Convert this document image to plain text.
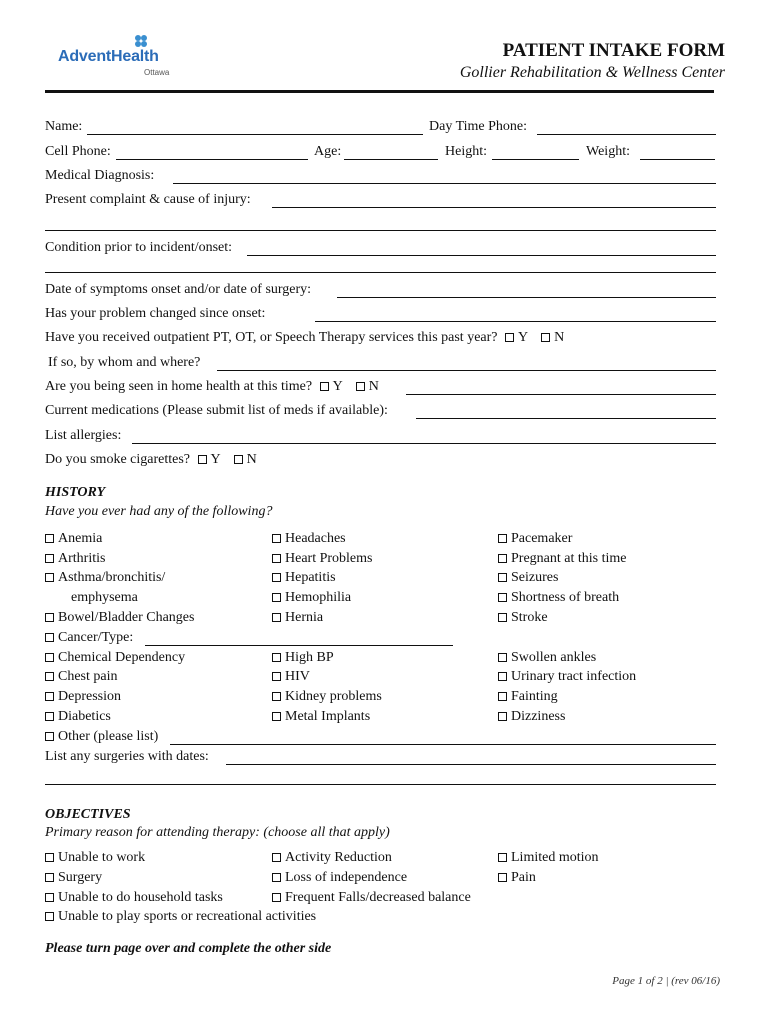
AdventHealth
Ottawa
PATIENT INTAKE FORM
Gollier Rehabilitation & Wellness Center
Name:	Day Time Phone:
Cell Phone:	Age:	Height:	Weight:
Medical Diagnosis:
Present complaint & cause of injury:
Condition prior to incident/onset:
Date of symptoms onset and/or date of surgery:
Has your problem changed since onset:
Have you received outpatient PT, OT, or Speech Therapy services this past year? Y N
If so, by whom and where?
Are you being seen in home health at this time? Y N
Current medications (Please submit list of meds if available):
List allergies:
Do you smoke cigarettes? Y N
HISTORY
Have you ever had any of the following?
Anemia
Arthritis
Asthma/bronchitis/
emphysema
Bowel/Bladder Changes
Cancer/Type:
Chemical Dependency
Chest pain
Depression
Diabetics
Other (please list)
Headaches
Heart Problems
Hepatitis
Hemophilia
Hernia
High BP
HIV
Kidney problems
Metal Implants
Pacemaker
Pregnant at this time
Seizures
Shortness of breath
Stroke
Swollen ankles
Urinary tract infection
Fainting
Dizziness
List any surgeries with dates:
OBJECTIVES
Primary reason for attending therapy: (choose all that apply)
Unable to work	Activity Reduction	Limited motion
Surgery	Loss of independence	Pain
Unable to do household tasks	Frequent Falls/decreased balance
Unable to play sports or recreational activities
Please turn page over and complete the other side
Page 1 of 2 | (rev 06/16)
